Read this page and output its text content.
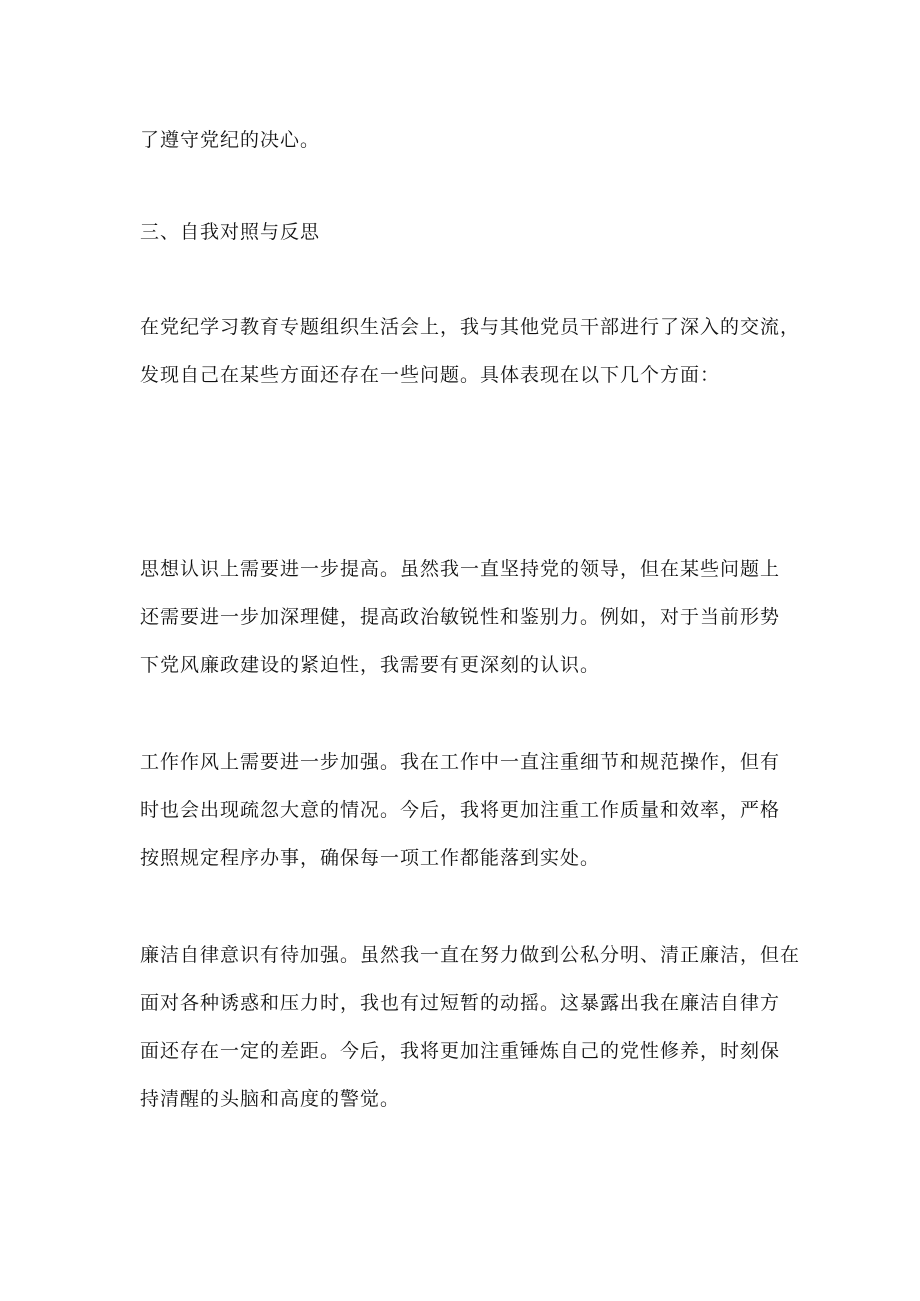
了遵守党纪的决心。
三、自我对照与反思
在党纪学习教育专题组织生活会上，我与其他党员干部进行了深入的交流，
发现自己在某些方面还存在一些问题。具体表现在以下几个方面：
思想认识上需要进一步提高。虽然我一直坚持党的领导，但在某些问题上
还需要进一步加深理健，提高政治敏锐性和鉴别力。例如，对于当前形势
下党风廉政建设的紧迫性，我需要有更深刻的认识。
工作作风上需要进一步加强。我在工作中一直注重细节和规范操作，但有
时也会出现疏忽大意的情况。今后，我将更加注重工作质量和效率，严格
按照规定程序办事，确保每一项工作都能落到实处。
廉洁自律意识有待加强。虽然我一直在努力做到公私分明、清正廉洁，但在
面对各种诱惑和压力时，我也有过短暂的动摇。这暴露出我在廉洁自律方
面还存在一定的差距。今后，我将更加注重锤炼自己的党性修养，时刻保
持清醒的头脑和高度的警觉。
